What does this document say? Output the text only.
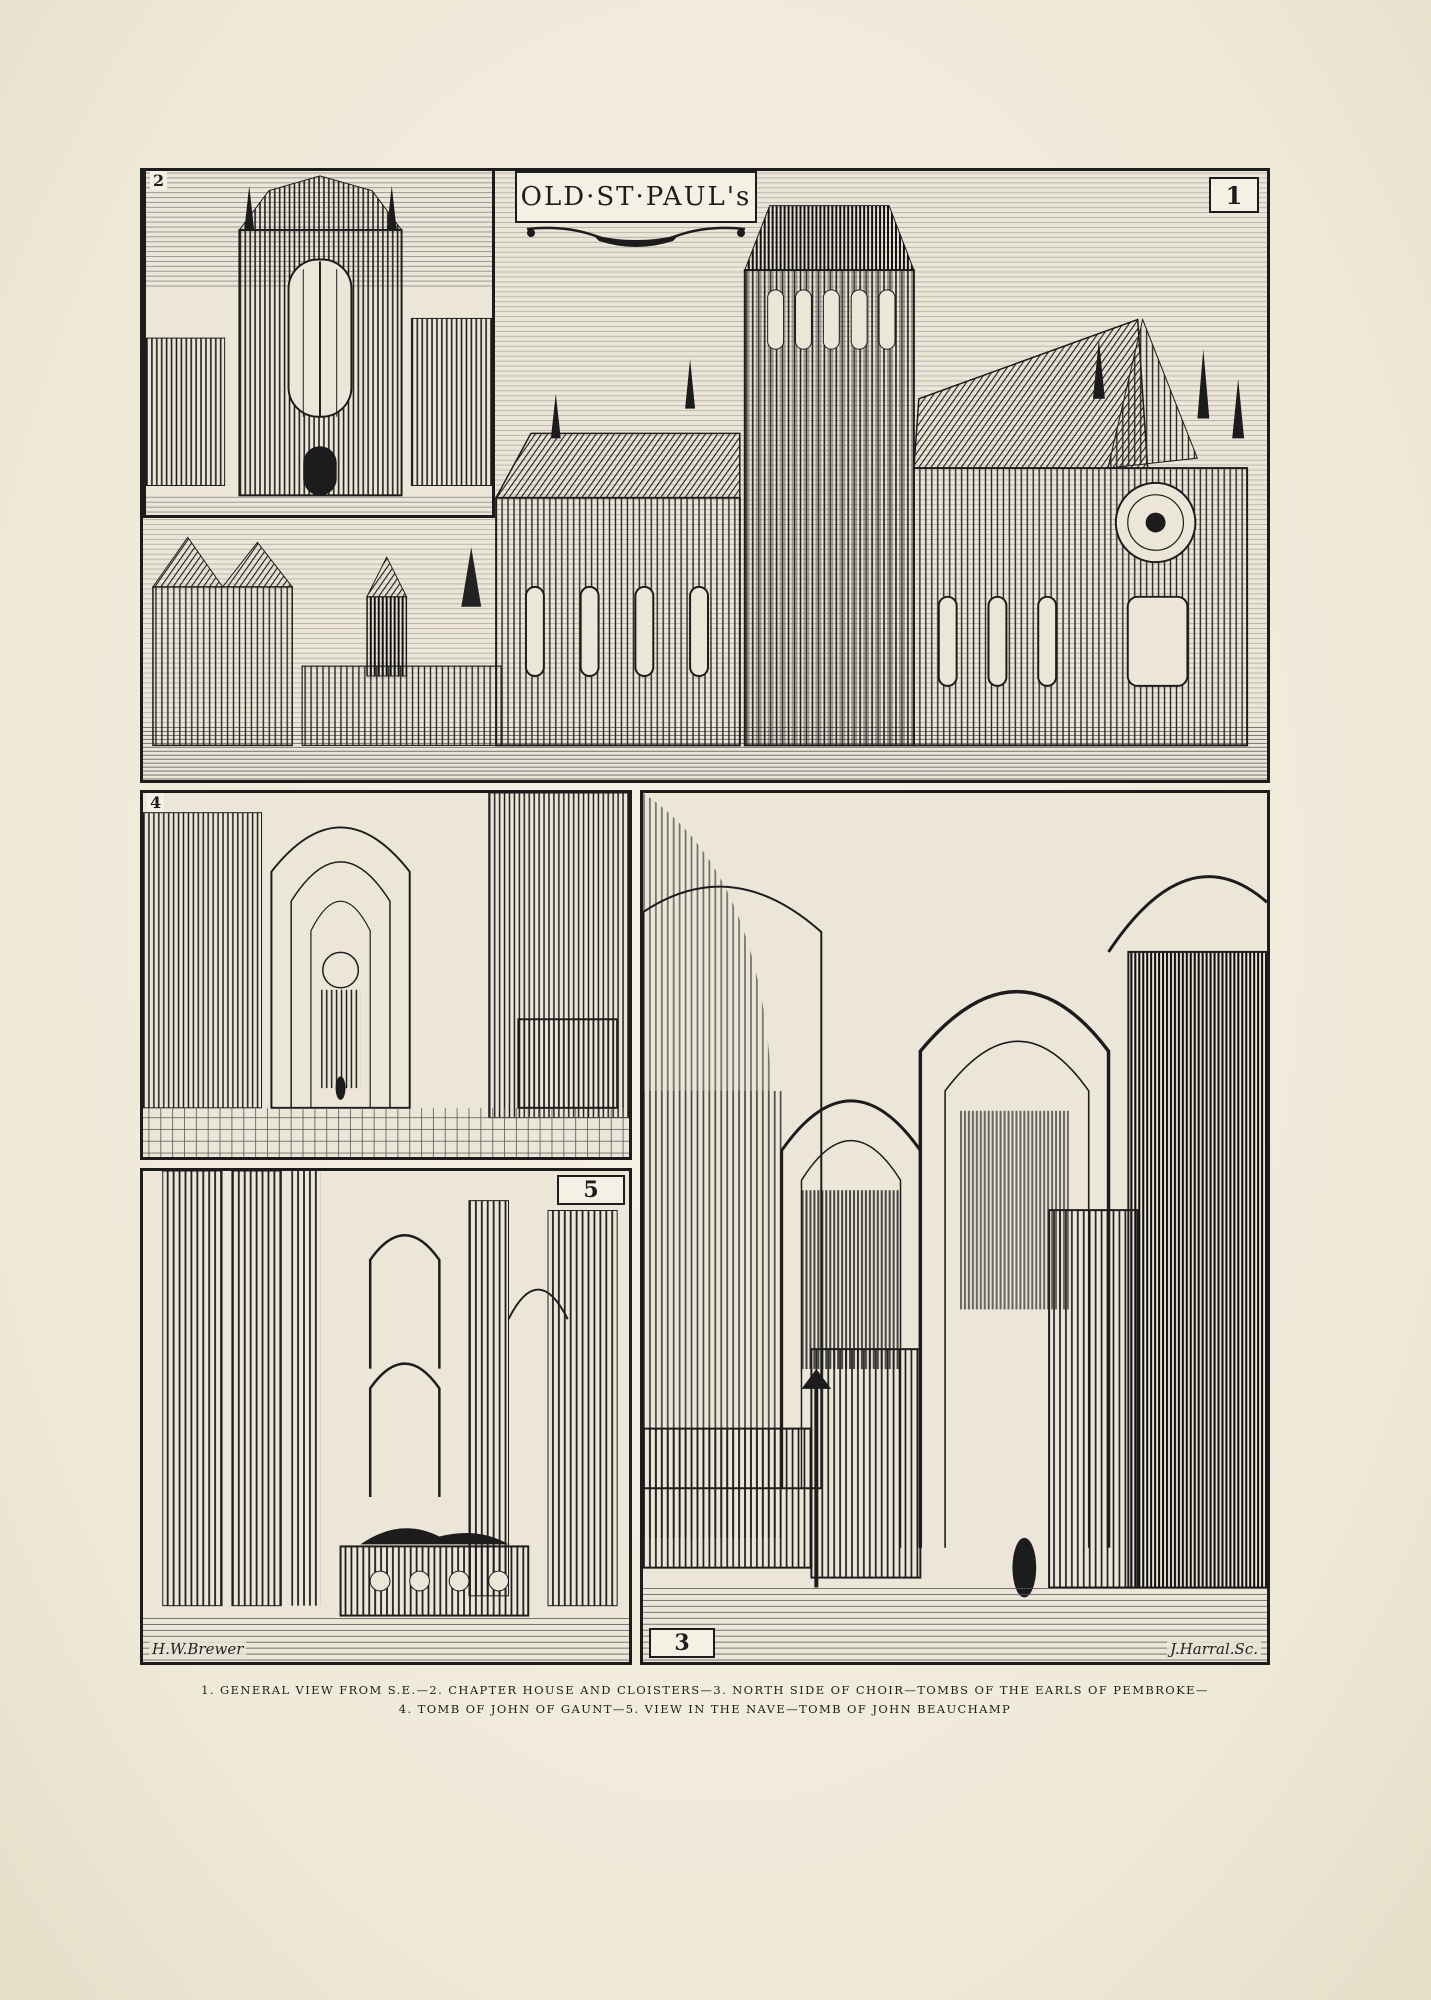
OLD·ST·PAUL's	1
2
4
5
H.W.Brewer	3	J.Harral.Sc.
1. GENERAL VIEW FROM S.E.—2. CHAPTER HOUSE AND CLOISTERS—3. NORTH SIDE OF CHOIR—TOMBS OF THE EARLS OF PEMBROKE—
4. TOMB OF JOHN OF GAUNT—5. VIEW IN THE NAVE—TOMB OF JOHN BEAUCHAMP
